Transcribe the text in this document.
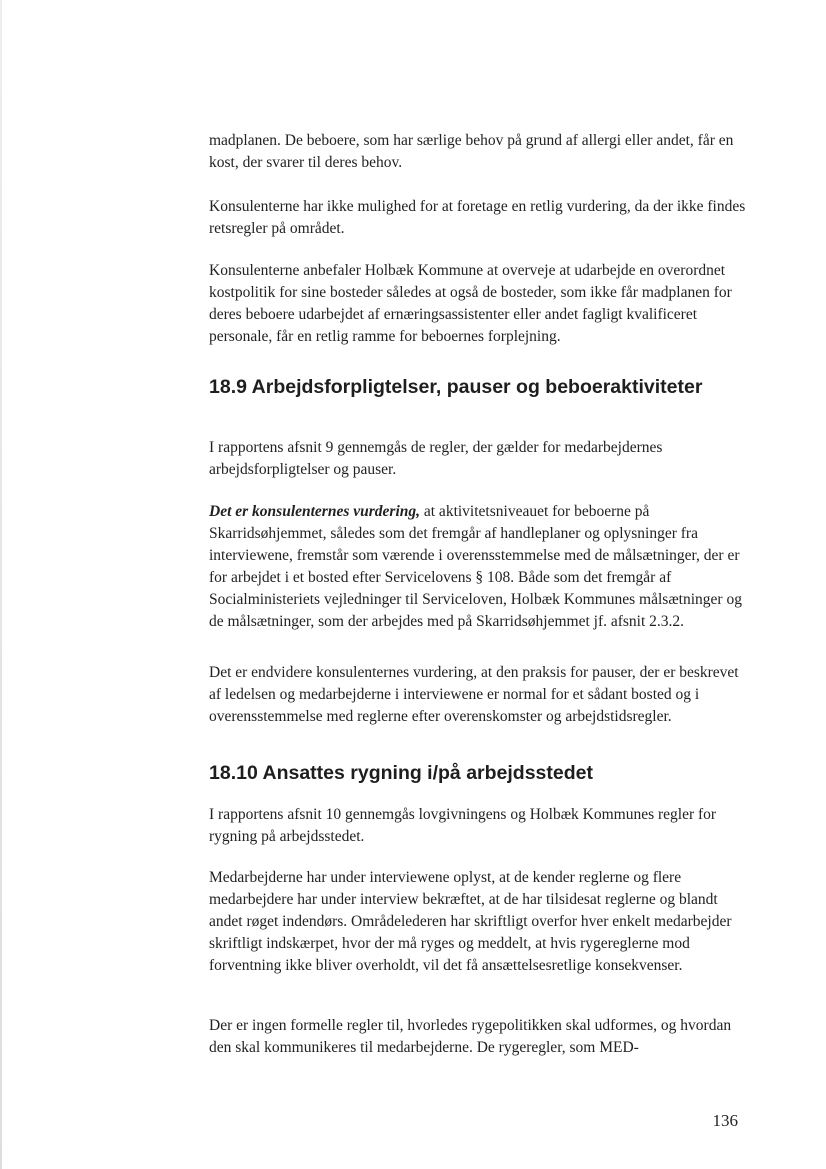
madplanen. De beboere, som har særlige behov på grund af allergi eller andet, får en kost, der svarer til deres behov.

Konsulenterne har ikke mulighed for at foretage en retlig vurdering, da der ikke findes retsregler på området.

Konsulenterne anbefaler Holbæk Kommune at overveje at udarbejde en overordnet kostpolitik for sine bosteder således at også de bosteder, som ikke får madplanen for deres beboere udarbejdet af ernæringsassistenter eller andet fagligt kvalificeret personale, får en retlig ramme for beboernes forplejning.

18.9 Arbejdsforpligtelser, pauser og beboeraktiviteter

I rapportens afsnit 9 gennemgås de regler, der gælder for medarbejdernes arbejdsforpligtelser og pauser.

Det er konsulenternes vurdering, at aktivitetsniveauet for beboerne på Skarridsøhjemmet, således som det fremgår af handleplaner og oplysninger fra interviewene, fremstår som værende i overensstemmelse med de målsætninger, der er for arbejdet i et bosted efter Servicelovens § 108. Både som det fremgår af Socialministeriets vejledninger til Serviceloven, Holbæk Kommunes målsætninger og de målsætninger, som der arbejdes med på Skarridsøhjemmet jf. afsnit 2.3.2.

Det er endvidere konsulenternes vurdering, at den praksis for pauser, der er beskrevet af ledelsen og medarbejderne i interviewene er normal for et sådant bosted og i overensstemmelse med reglerne efter overenskomster og arbejdstidsregler.

18.10 Ansattes rygning i/på arbejdsstedet

I rapportens afsnit 10 gennemgås lovgivningens og Holbæk Kommunes regler for rygning på arbejdsstedet.

Medarbejderne har under interviewene oplyst, at de kender reglerne og flere medarbejdere har under interview bekræftet, at de har tilsidesat reglerne og blandt andet røget indendørs. Områdelederen har skriftligt overfor hver enkelt medarbejder skriftligt indskærpet, hvor der må ryges og meddelt, at hvis rygereglerne mod forventning ikke bliver overholdt, vil det få ansættelsesretlige konsekvenser.

Der er ingen formelle regler til, hvorledes rygepolitikken skal udformes, og hvordan den skal kommunikeres til medarbejderne. De rygeregler, som MED-

136
